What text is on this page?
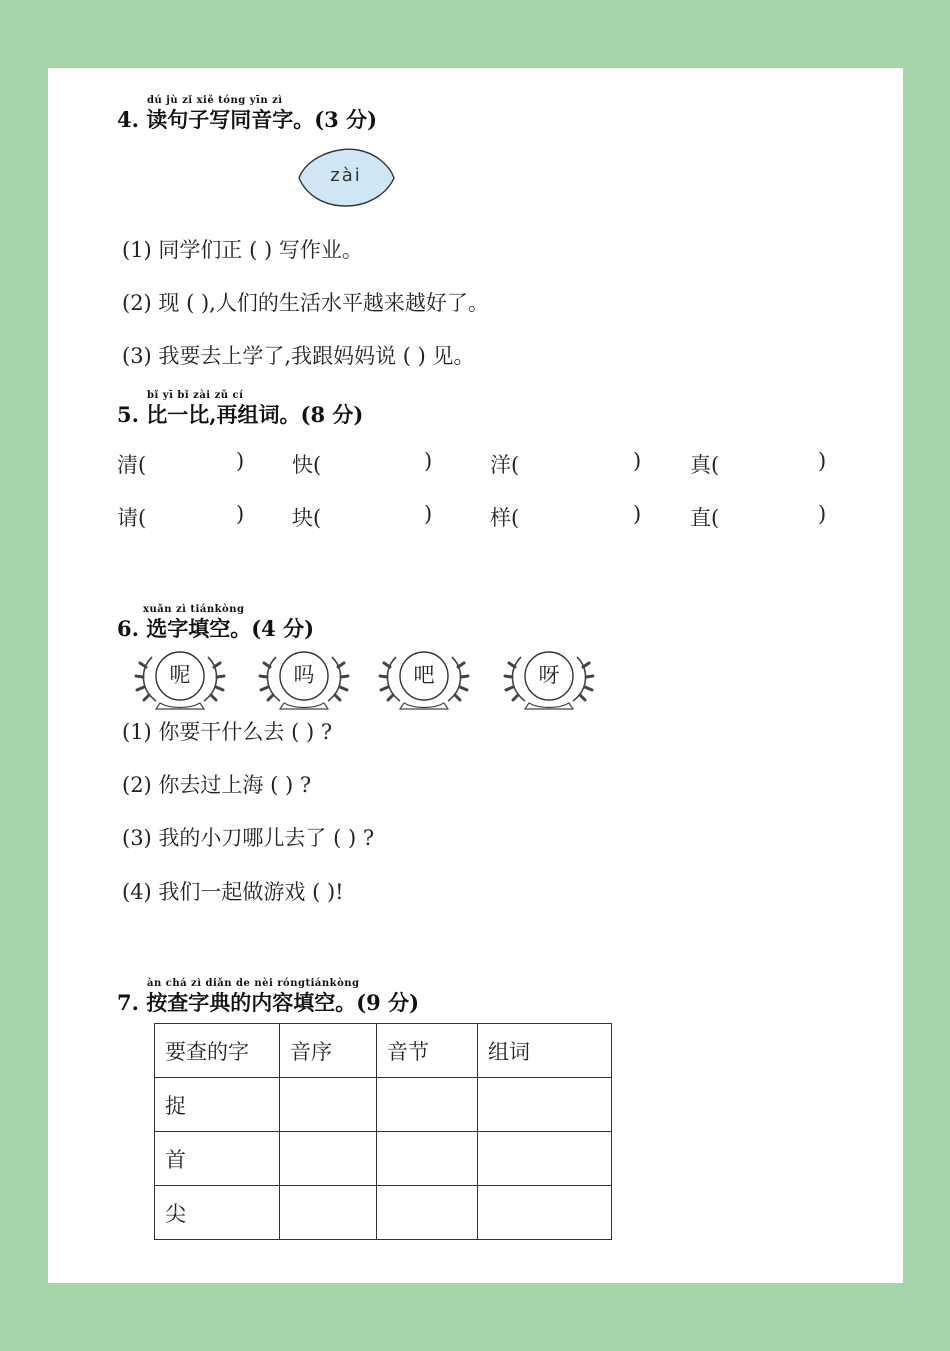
dú jù zǐ xiě tóng yīn zì
4. 读句子写同音字。(3 分)
zài
(1) 同学们正 ( ) 写作业。
(2) 现 ( ),人们的生活水平越来越好了。
(3) 我要去上学了,我跟妈妈说 ( ) 见。
bǐ yī bǐ zài zǔ cí
5. 比一比,再组词。(8 分)
清(	) 快(	)	洋(	) 真(	)
请(	) 块(	)	样(	) 直(	)
xuǎn zì tiánkòng
6. 选字填空。(4 分)
呢	吗	吧	呀
(1) 你要干什么去 ( ) ?
(2) 你去过上海 ( ) ?
(3) 我的小刀哪儿去了 ( ) ?
(4) 我们一起做游戏 ( )!
àn chá zì diǎn de nèi róngtiánkòng
7. 按查字典的内容填空。(9 分)
要查的字	音序	音节	组词
捉			
首			
尖			
